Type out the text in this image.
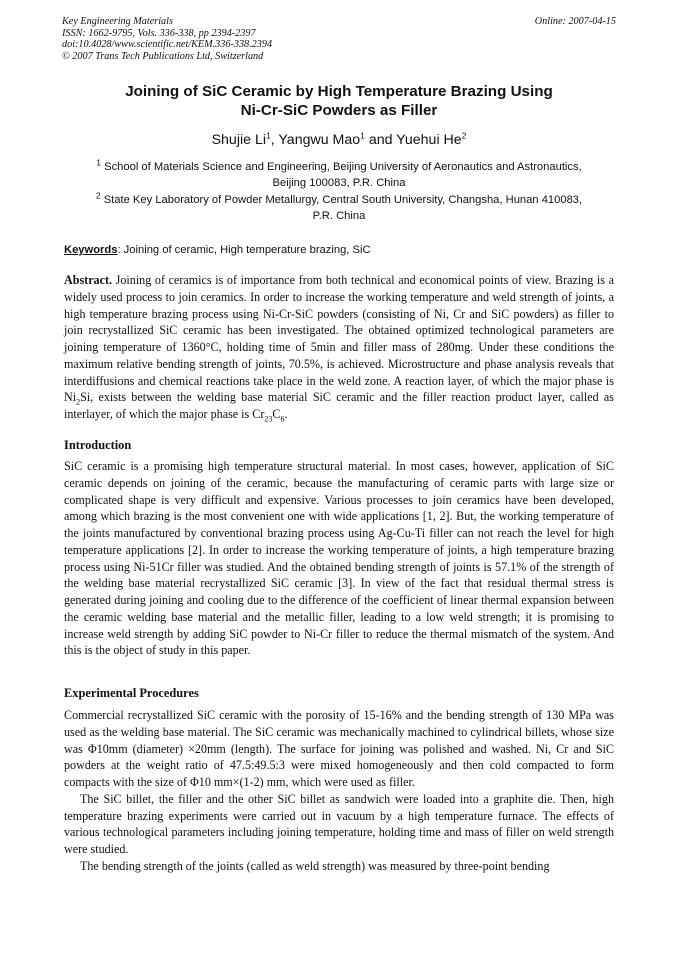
Key Engineering Materials
ISSN: 1662-9795, Vols. 336-338, pp 2394-2397
doi:10.4028/www.scientific.net/KEM.336-338.2394
© 2007 Trans Tech Publications Ltd, Switzerland
Online: 2007-04-15
Joining of SiC Ceramic by High Temperature Brazing Using
Ni-Cr-SiC Powders as Filler
Shujie Li$^1$, Yangwu Mao$^1$ and Yuehui He$^2$
$^1$ School of Materials Science and Engineering, Beijing University of Aeronautics and Astronautics,
Beijing 100083, P.R. China
$^2$ State Key Laboratory of Powder Metallurgy, Central South University, Changsha, Hunan 410083,
P.R. China
Keywords: Joining of ceramic, High temperature brazing, SiC

Abstract. Joining of ceramics is of importance from both technical and economical points of view. Brazing is a widely used process to join ceramics. In order to increase the working temperature and weld strength of joints, a high temperature brazing process using Ni-Cr-SiC powders (consisting of Ni, Cr and SiC powders) as filler to join recrystallized SiC ceramic has been investigated. The obtained optimized technological parameters are joining temperature of 1360°C, holding time of 5min and filler mass of 280mg. Under these conditions the maximum relative bending strength of joints, 70.5%, is achieved. Microstructure and phase analysis reveals that interdiffusions and chemical reactions take place in the weld zone. A reaction layer, of which the major phase is $Ni_2Si$, exists between the welding base material SiC ceramic and the filler reaction product layer, called as interlayer, of which the major phase is $Cr_{23}C_6$.

Introduction

SiC ceramic is a promising high temperature structural material. In most cases, however, application of SiC ceramic depends on joining of the ceramic, because the manufacturing of ceramic parts with large size or complicated shape is very difficult and expensive. Various processes to join ceramics have been developed, among which brazing is the most convenient one with wide applications [1, 2]. But, the working temperature of the joints manufactured by conventional brazing process using Ag-Cu-Ti filler can not reach the level for high temperature applications [2]. In order to increase the working temperature of joints, a high temperature brazing process using Ni-51Cr filler was studied. And the obtained bending strength of joints is 57.1% of the strength of the welding base material recrystallized SiC ceramic [3]. In view of the fact that residual thermal stress is generated during joining and cooling due to the difference of the coefficient of linear thermal expansion between the ceramic welding base material and the metallic filler, leading to a low weld strength; it is promising to increase weld strength by adding SiC powder to Ni-Cr filler to reduce the thermal mismatch of the system. And this is the object of study in this paper.

Experimental Procedures

Commercial recrystallized SiC ceramic with the porosity of 15-16% and the bending strength of 130 MPa was used as the welding base material. The SiC ceramic was mechanically machined to cylindrical billets, whose size was Φ10mm (diameter) ×20mm (length). The surface for joining was polished and washed. Ni, Cr and SiC powders at the weight ratio of 47.5:49.5:3 were mixed homogeneously and then cold compacted to form compacts with the size of Φ10 mm×(1-2) mm, which were used as filler.

The SiC billet, the filler and the other SiC billet as sandwich were loaded into a graphite die. Then, high temperature brazing experiments were carried out in vacuum by a high temperature furnace. The effects of various technological parameters including joining temperature, holding time and mass of filler on weld strength were studied.

The bending strength of the joints (called as weld strength) was measured by three-point bending
